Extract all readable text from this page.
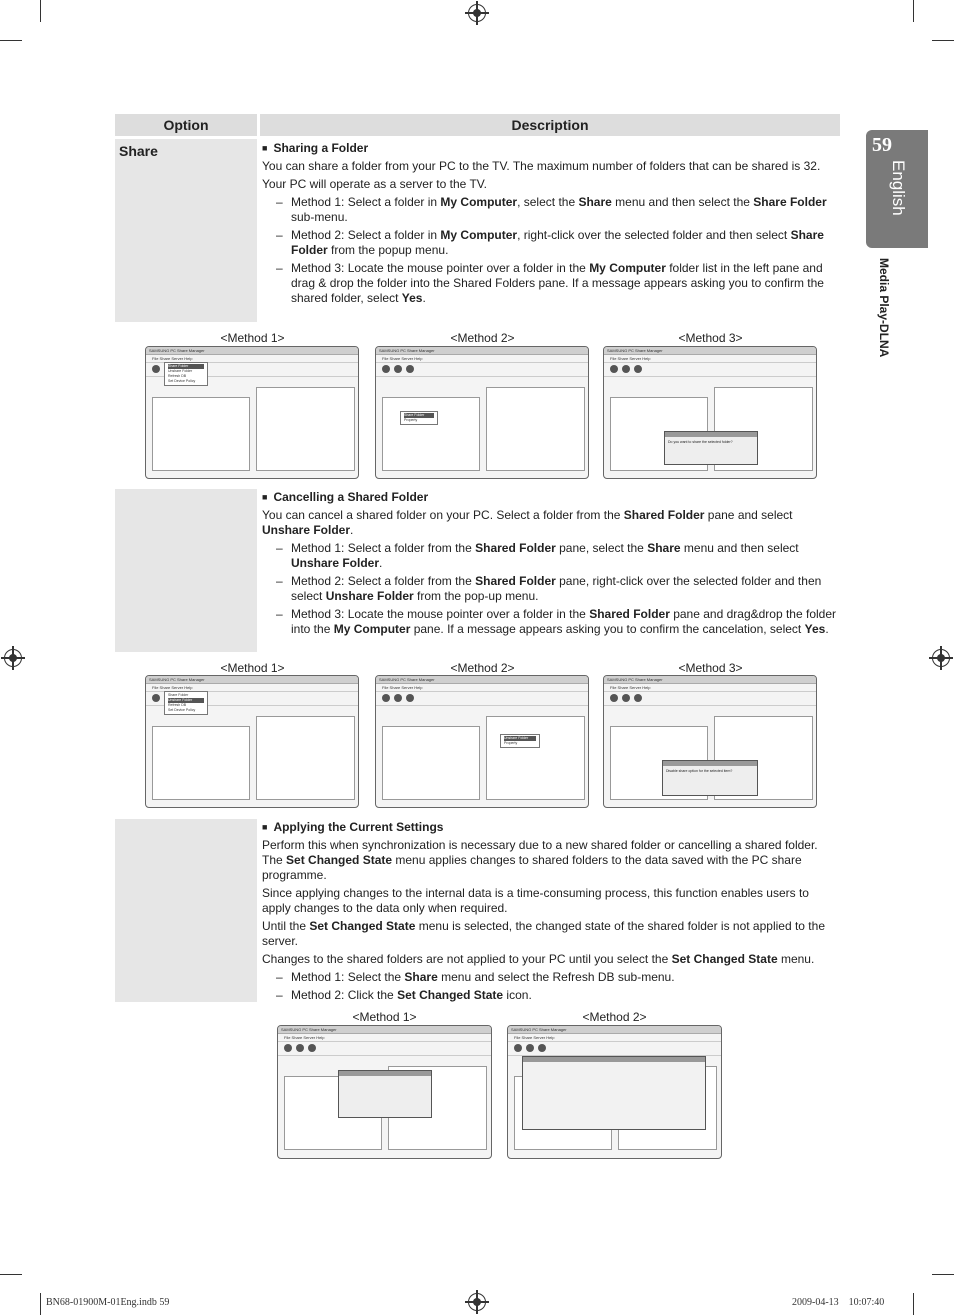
59
English
Media Play-DLNA
Option	Description
Share

■	Sharing a Folder

You can share a folder from your PC to the TV. The maximum number of folders that can be shared is 32.

Your PC will operate as a server to the TV.

– Method 1: Select a folder in My Computer, select the Share menu and then select the Share Folder sub-menu.
– Method 2: Select a folder in My Computer, right-click over the selected folder and then select Share Folder from the popup menu.
– Method 3: Locate the mouse pointer over a folder in the My Computer folder list in the left pane and drag & drop the folder into the Shared Folders pane. If a message appears asking you to confirm the shared folder, select Yes.
<Method 1>	<Method 2>	<Method 3>
SAMSUNG PC Share Manager
File Share Server Help
Share Folder
Unshare Folder
Refresh DB
Set Device Policy
SAMSUNG PC Share Manager
File Share Server Help
Share Folder
Property
SAMSUNG PC Share Manager
File Share Server Help
Do you want to share the selected folder?

■ Cancelling a Shared Folder

You can cancel a shared folder on your PC. Select a folder from the Shared Folder pane and select Unshare Folder.

– Method 1: Select a folder from the Shared Folder pane, select the Share menu and then select Unshare Folder.
– Method 2: Select a folder from the Shared Folder pane, right-click over the selected folder and then select Unshare Folder from the pop-up menu.
– Method 3: Locate the mouse pointer over a folder in the Shared Folder pane and drag&drop the folder into the My Computer pane. If a message appears asking you to confirm the cancelation, select Yes.
<Method 1>	<Method 2>	<Method 3>
SAMSUNG PC Share Manager
File Share Server Help
Share Folder
Unshare Folder
Refresh DB
Set Device Policy
SAMSUNG PC Share Manager
File Share Server Help
Unshare Folder
Property
SAMSUNG PC Share Manager
File Share Server Help
Disable share option for the selected item?

■ Applying the Current Settings

Perform this when synchronization is necessary due to a new shared folder or cancelling a shared folder. The Set Changed State menu applies changes to shared folders to the data saved with the PC share programme.

Since applying changes to the internal data is a time-consuming process, this function enables users to apply changes to the data only when required.

Until the Set Changed State menu is selected, the changed state of the shared folder is not applied to the server.

Changes to the shared folders are not applied to your PC until you select the Set Changed State menu.

– Method 1: Select the Share menu and select the Refresh DB sub-menu.
– Method 2: Click the Set Changed State icon.
<Method 1>	<Method 2>
SAMSUNG PC Share Manager
File Share Server Help
SAMSUNG PC Share Manager
File Share Server Help
BN68-01900M-01Eng.indb 59	2009-04-13    10:07:40
